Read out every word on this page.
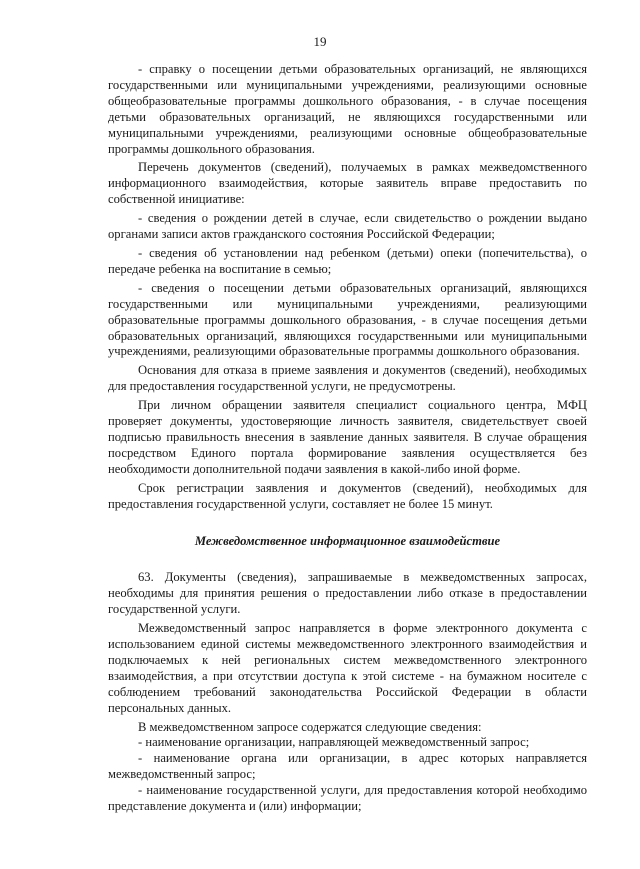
19

- справку о посещении детьми образовательных организаций, не являющихся государственными или муниципальными учреждениями, реализующими основные общеобразовательные программы дошкольного образования, - в случае посещения детьми образовательных организаций, не являющихся государственными или муниципальными учреждениями, реализующими основные общеобразовательные программы дошкольного образования.

Перечень документов (сведений), получаемых в рамках межведомственного информационного взаимодействия, которые заявитель вправе предоставить по собственной инициативе:

- сведения о рождении детей в случае, если свидетельство о рождении выдано органами записи актов гражданского состояния Российской Федерации;

- сведения об установлении над ребенком (детьми) опеки (попечительства), о передаче ребенка на воспитание в семью;

- сведения о посещении детьми образовательных организаций, являющихся государственными или муниципальными учреждениями, реализующими образовательные программы дошкольного образования, - в случае посещения детьми образовательных организаций, являющихся государственными или муниципальными учреждениями, реализующими образовательные программы дошкольного образования.

Основания для отказа в приеме заявления и документов (сведений), необходимых для предоставления государственной услуги, не предусмотрены.

При личном обращении заявителя специалист социального центра, МФЦ проверяет документы, удостоверяющие личность заявителя, свидетельствует своей подписью правильность внесения в заявление данных заявителя. В случае обращения посредством Единого портала формирование заявления осуществляется без необходимости дополнительной подачи заявления в какой-либо иной форме.

Срок регистрации заявления и документов (сведений), необходимых для предоставления государственной услуги, составляет не более 15 минут.

Межведомственное информационное взаимодействие

63. Документы (сведения), запрашиваемые в межведомственных запросах, необходимы для принятия решения о предоставлении либо отказе в предоставлении государственной услуги.

Межведомственный запрос направляется в форме электронного документа с использованием единой системы межведомственного электронного взаимодействия и подключаемых к ней региональных систем межведомственного электронного взаимодействия, а при отсутствии доступа к этой системе - на бумажном носителе с соблюдением требований законодательства Российской Федерации в области персональных данных.

В межведомственном запросе содержатся следующие сведения:

- наименование организации, направляющей межведомственный запрос;

- наименование органа или организации, в адрес которых направляется межведомственный запрос;

- наименование государственной услуги, для предоставления которой необходимо представление документа и (или) информации;
